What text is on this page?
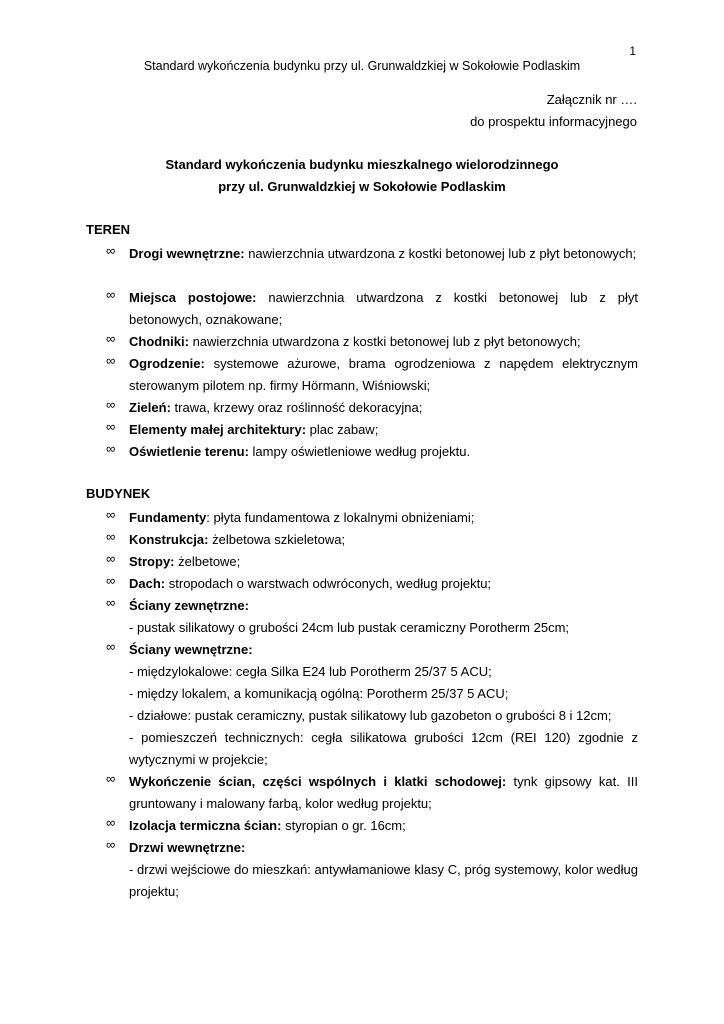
1
Standard wykończenia budynku przy ul. Grunwaldzkiej w Sokołowie Podlaskim
Załącznik nr ….
do prospektu informacyjnego
Standard wykończenia budynku mieszkalnego wielorodzinnego
przy ul. Grunwaldzkiej w Sokołowie Podlaskim
TEREN
∞	Drogi wewnętrzne: nawierzchnia utwardzona z kostki betonowej lub z płyt betonowych;
∞	Miejsca postojowe: nawierzchnia utwardzona z kostki betonowej lub z płyt betonowych, oznakowane;
∞	Chodniki: nawierzchnia utwardzona z kostki betonowej lub z płyt betonowych;
∞	Ogrodzenie: systemowe ażurowe, brama ogrodzeniowa z napędem elektrycznym sterowanym pilotem np. firmy Hörmann, Wiśniowski;
∞	Zieleń: trawa, krzewy oraz roślinność dekoracyjna;
∞	Elementy małej architektury: plac zabaw;
∞	Oświetlenie terenu: lampy oświetleniowe według projektu.
BUDYNEK
∞	Fundamenty: płyta fundamentowa z lokalnymi obniżeniami;
∞	Konstrukcja: żelbetowa szkieletowa;
∞	Stropy: żelbetowe;
∞	Dach: stropodach o warstwach odwróconych, według projektu;
∞	Ściany zewnętrzne:
- pustak silikatowy o grubości 24cm lub pustak ceramiczny Porotherm 25cm;
∞	Ściany wewnętrzne:
- międzylokalowe: cegła Silka E24 lub Porotherm 25/37 5 ACU;
- między lokalem, a komunikacją ogólną: Porotherm 25/37 5 ACU;
- działowe: pustak ceramiczny, pustak silikatowy lub gazobeton o grubości 8 i 12cm;
- pomieszczeń technicznych: cegła silikatowa grubości 12cm (REI 120) zgodnie z wytycznymi w projekcie;
∞	Wykończenie ścian, części wspólnych i klatki schodowej: tynk gipsowy kat. III gruntowany i malowany farbą, kolor według projektu;
∞	Izolacja termiczna ścian: styropian o gr. 16cm;
∞	Drzwi wewnętrzne:
- drzwi wejściowe do mieszkań: antywłamaniowe klasy C, próg systemowy, kolor według projektu;
